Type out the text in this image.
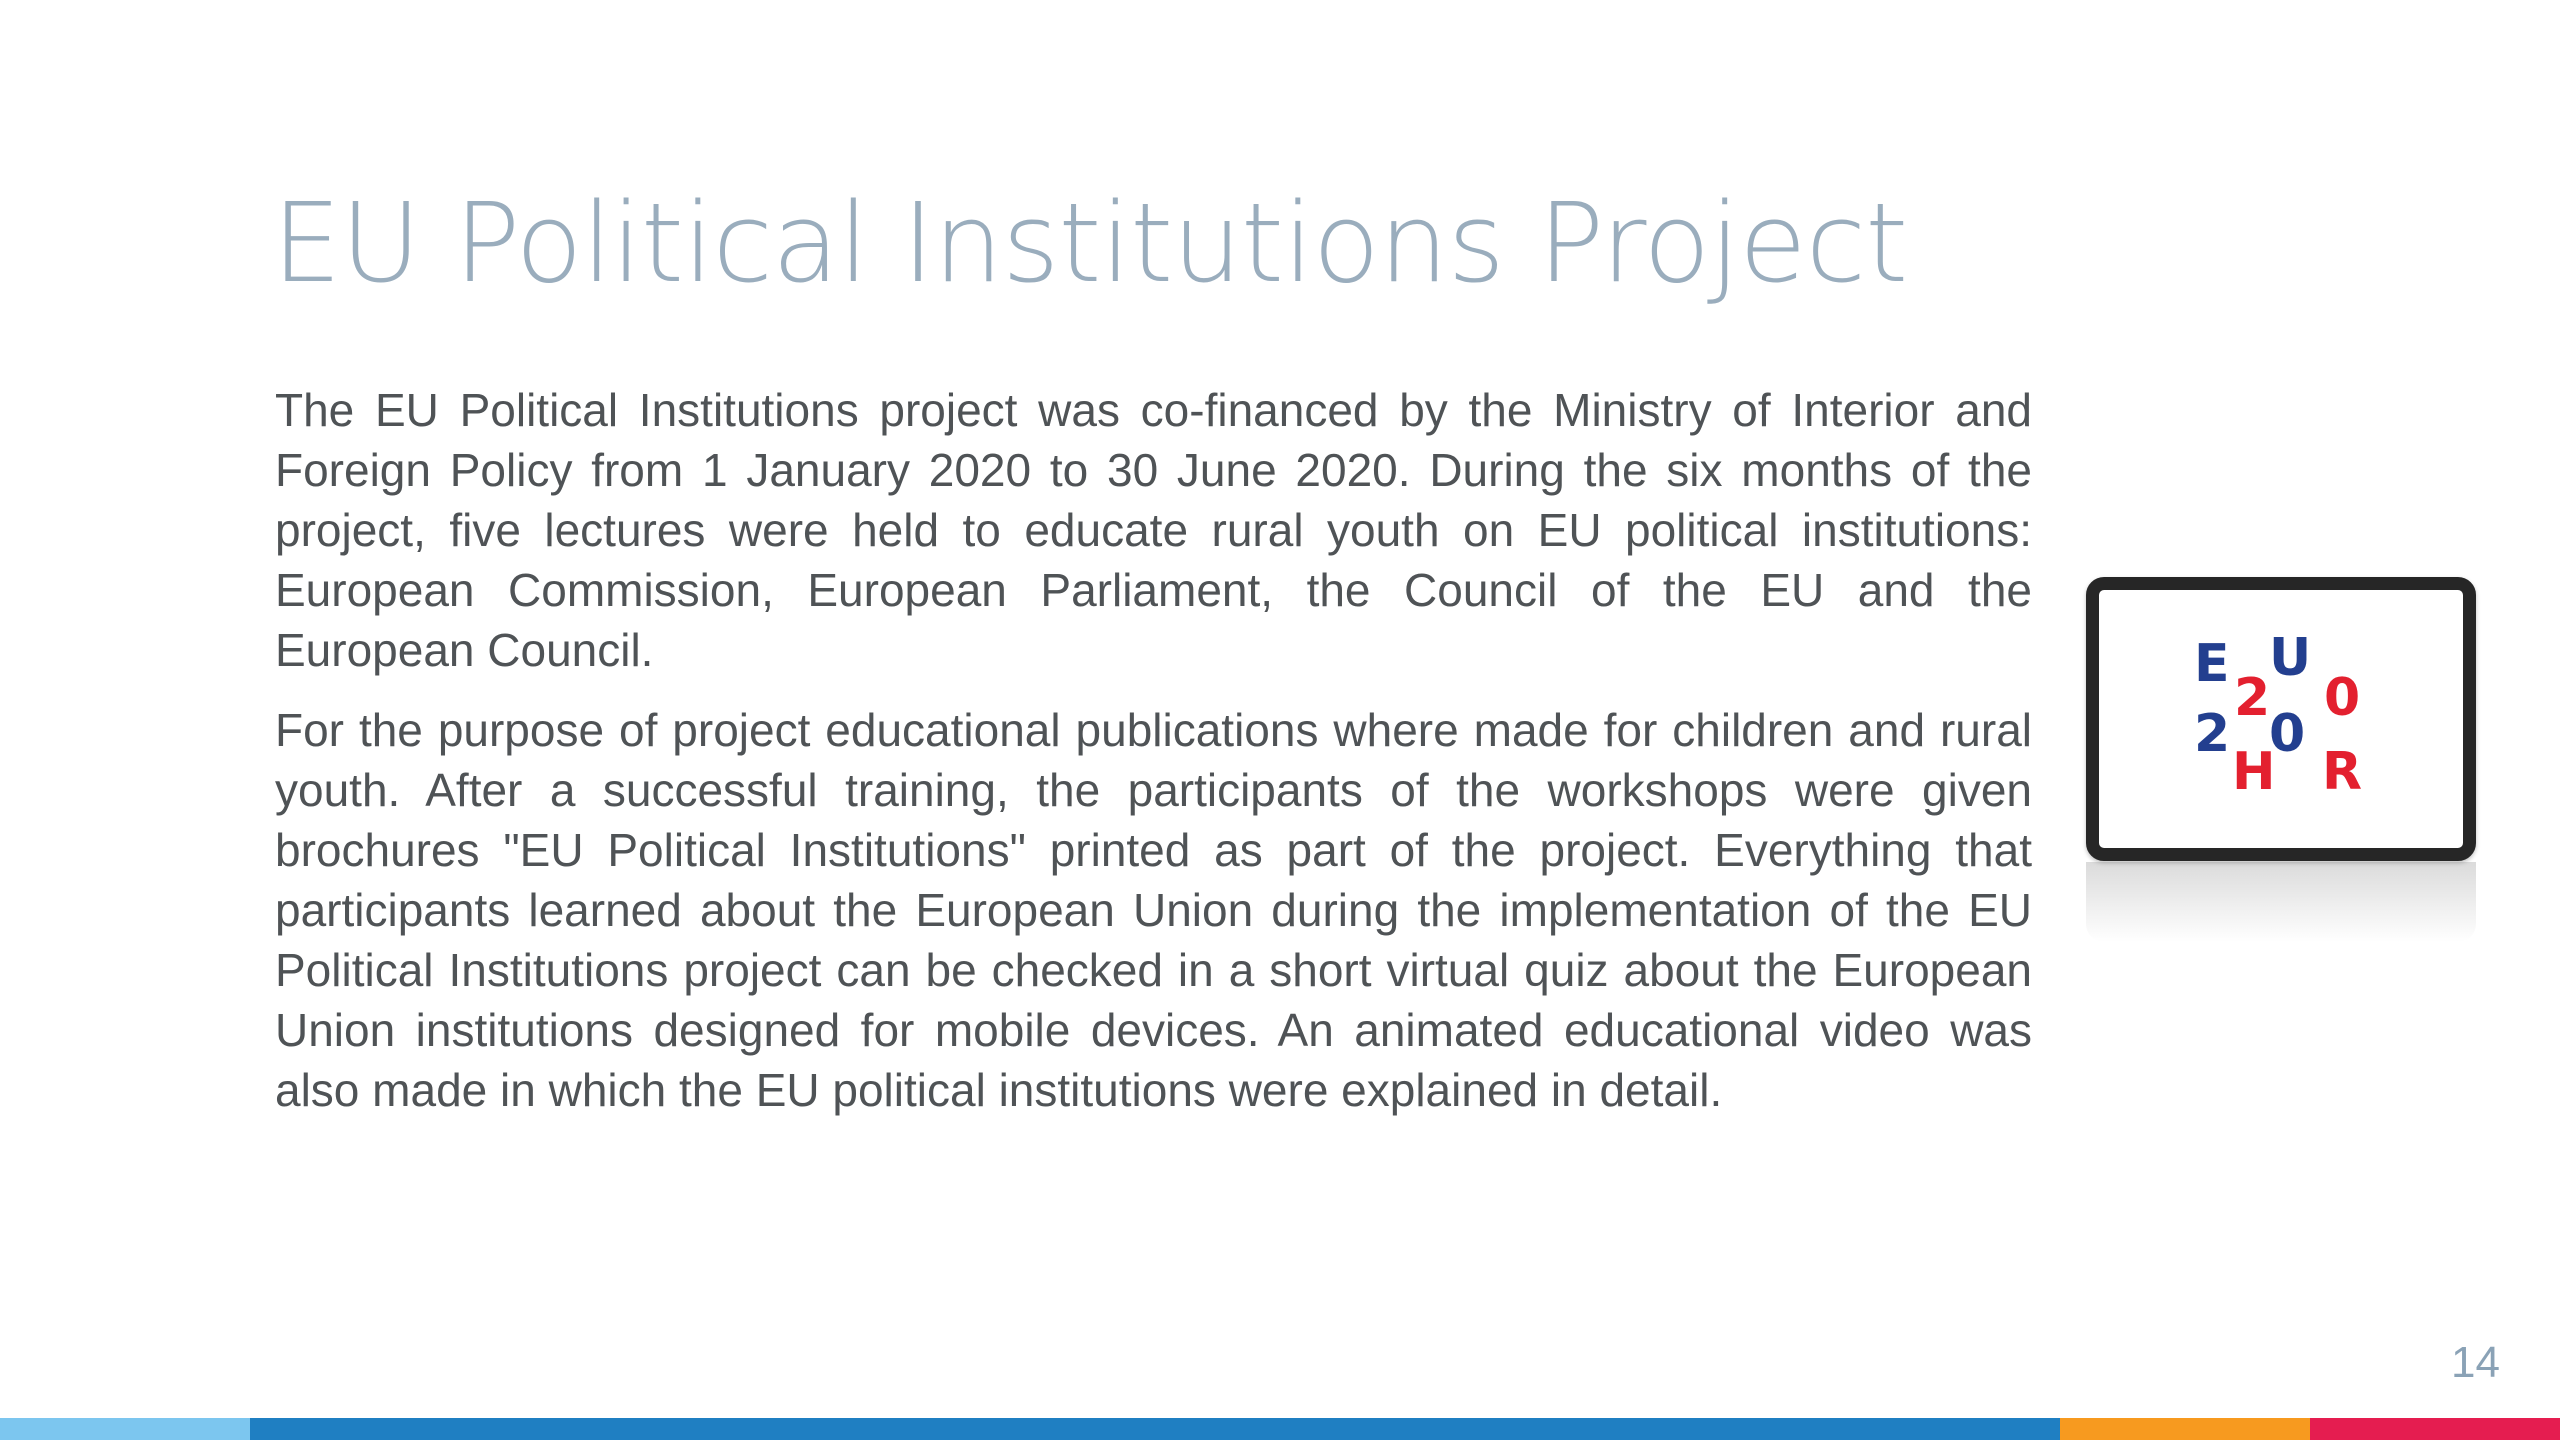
EU Political Institutions Project

The EU Political Institutions project was co-financed by the Ministry of Interior and Foreign Policy from 1 January 2020 to 30 June 2020. During the six months of the project, five lectures were held to educate rural youth on EU political institutions: European Commission, European Parliament, the Council of the EU and the European Council.

For the purpose of project educational publications where made for children and rural youth. After a successful training, the participants of the workshops were given brochures "EU Political Institutions" printed as part of the project. Everything that participants learned about the European Union during the implementation of the EU Political Institutions project can be checked in a short virtual quiz about the European Union institutions designed for mobile devices. An animated educational video was also made in which the EU political institutions were explained in detail.

E U
2 0
2 0
H R
14
